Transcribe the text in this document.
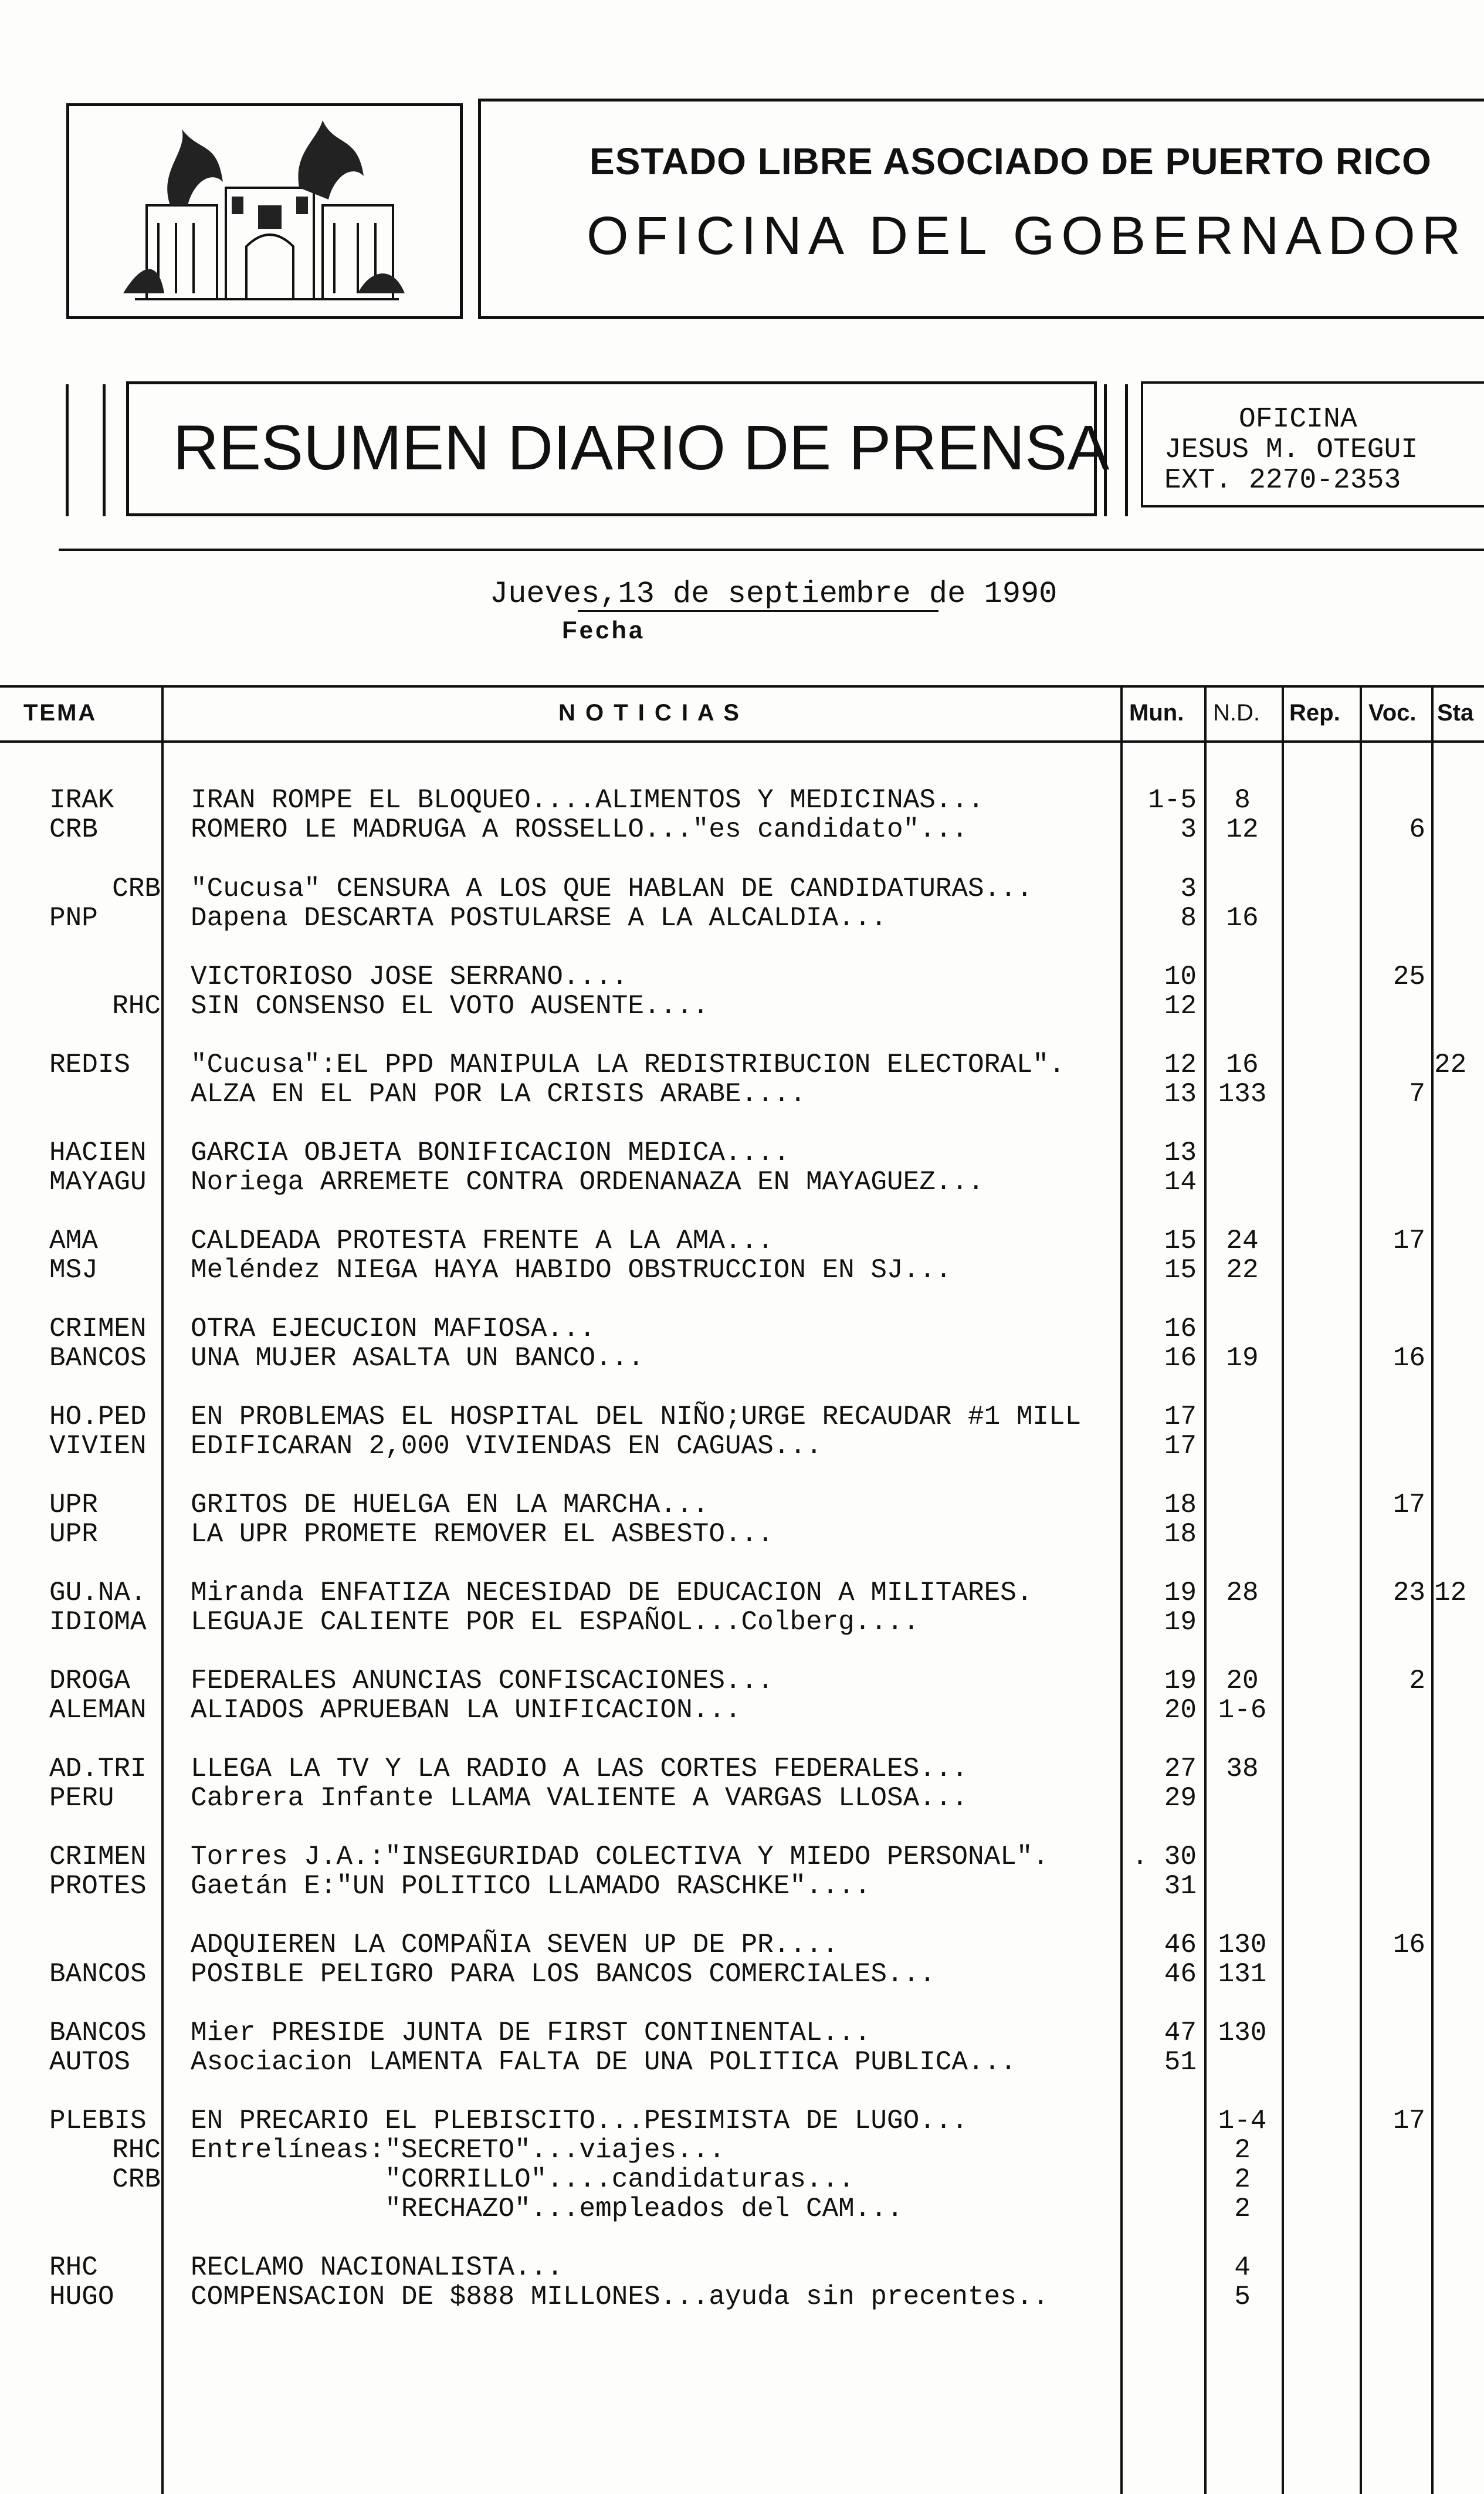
ESTADO LIBRE ASOCIADO DE PUERTO RICO
OFICINA DEL GOBERNADOR
RESUMEN DIARIO DE PRENSA	OFICINA
JESUS M. OTEGUI
EXT. 2270-2353
Jueves,13 de septiembre de 1990
Fecha
TEMA	N O T I C I A S	Mun. N.D. Rep. Voc. Sta
IRAK	IRAN ROMPE EL BLOQUEO....ALIMENTOS Y MEDICINAS...	1-5	8
CRB	ROMERO LE MADRUGA A ROSSELLO..."es candidato"...	3	12	6
CRB "Cucusa" CENSURA A LOS QUE HABLAN DE CANDIDATURAS...	3
PNP	Dapena DESCARTA POSTULARSE A LA ALCALDIA...	8	16
VICTORIOSO JOSE SERRANO....	10	25
RHC SIN CONSENSO EL VOTO AUSENTE....	12
REDIS	"Cucusa":EL PPD MANIPULA LA REDISTRIBUCION ELECTORAL".	12	16	22
ALZA EN EL PAN POR LA CRISIS ARABE....	13 133	7
HACIEN	GARCIA OBJETA BONIFICACION MEDICA....	13
MAYAGU	Noriega ARREMETE CONTRA ORDENANAZA EN MAYAGUEZ...	14
AMA	CALDEADA PROTESTA FRENTE A LA AMA...	15	24	17
MSJ	Meléndez NIEGA HAYA HABIDO OBSTRUCCION EN SJ...	15	22
CRIMEN	OTRA EJECUCION MAFIOSA...	16
BANCOS	UNA MUJER ASALTA UN BANCO...	16	19	16
HO.PED	EN PROBLEMAS EL HOSPITAL DEL NIÑO;URGE RECAUDAR #1 MILL	17
VIVIEN	EDIFICARAN 2,000 VIVIENDAS EN CAGUAS...	17
UPR	GRITOS DE HUELGA EN LA MARCHA...	18	17
UPR	LA UPR PROMETE REMOVER EL ASBESTO...	18
GU.NA.	Miranda ENFATIZA NECESIDAD DE EDUCACION A MILITARES.	19	28	23 12
IDIOMA	LEGUAJE CALIENTE POR EL ESPAÑOL...Colberg....	19
DROGA	FEDERALES ANUNCIAS CONFISCACIONES...	19	20	2
ALEMAN	ALIADOS APRUEBAN LA UNIFICACION...	20 1-6
AD.TRI	LLEGA LA TV Y LA RADIO A LAS CORTES FEDERALES...	27	38
PERU	Cabrera Infante LLAMA VALIENTE A VARGAS LLOSA...	29
CRIMEN	Torres J.A.:"INSEGURIDAD COLECTIVA Y MIEDO PERSONAL".	. 30
PROTES	Gaetán E:"UN POLITICO LLAMADO RASCHKE"....	31
ADQUIEREN LA COMPAÑIA SEVEN UP DE PR....	46 130	16
BANCOS	POSIBLE PELIGRO PARA LOS BANCOS COMERCIALES...	46 131
BANCOS	Mier PRESIDE JUNTA DE FIRST CONTINENTAL...	47 130
AUTOS	Asociacion LAMENTA FALTA DE UNA POLITICA PUBLICA...	51
PLEBIS	EN PRECARIO EL PLEBISCITO...PESIMISTA DE LUGO...	1-4	17
RHC Entrelíneas:"SECRETO"...viajes...	2
CRB "CORRILLO"....candidaturas...	2
"RECHAZO"...empleados del CAM...	2
RHC	RECLAMO NACIONALISTA...	4
HUGO	COMPENSACION DE $888 MILLONES...ayuda sin precentes..	5
